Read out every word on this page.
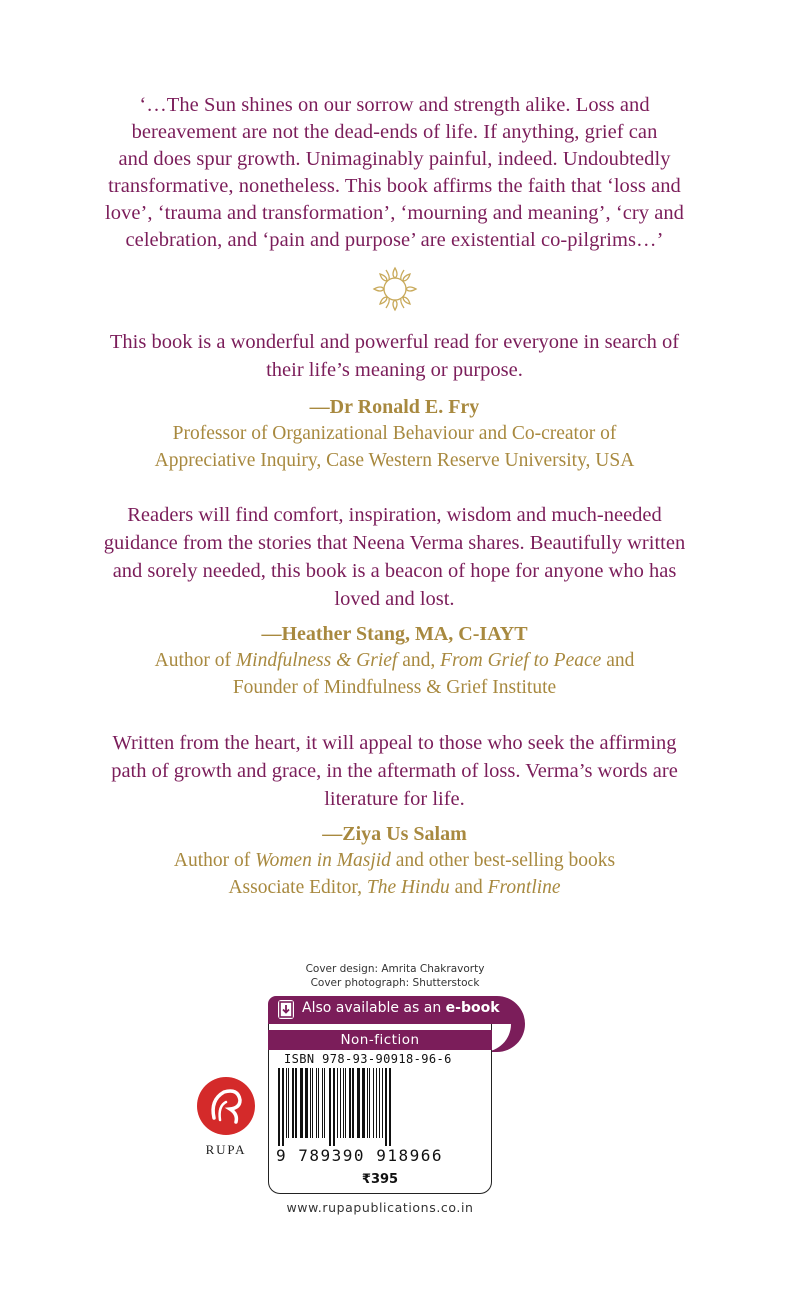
‘…The Sun shines on our sorrow and strength alike. Loss and
bereavement are not the dead-ends of life. If anything, grief can
and does spur growth. Unimaginably painful, indeed. Undoubtedly
transformative, nonetheless. This book affirms the faith that ‘loss and
love’, ‘trauma and transformation’, ‘mourning and meaning’, ‘cry and
celebration, and ‘pain and purpose’ are existential co-pilgrims…’
This book is a wonderful and powerful read for everyone in search of
their life’s meaning or purpose.
—Dr Ronald E. Fry
Professor of Organizational Behaviour and Co-creator of
Appreciative Inquiry, Case Western Reserve University, USA
Readers will find comfort, inspiration, wisdom and much-needed
guidance from the stories that Neena Verma shares. Beautifully written
and sorely needed, this book is a beacon of hope for anyone who has
loved and lost.
—Heather Stang, MA, C-IAYT
Author of Mindfulness & Grief and, From Grief to Peace and
Founder of Mindfulness & Grief Institute
Written from the heart, it will appeal to those who seek the affirming
path of growth and grace, in the aftermath of loss. Verma’s words are
literature for life.
—Ziya Us Salam
Author of Women in Masjid and other best-selling books
Associate Editor, The Hindu and Frontline
Cover design: Amrita Chakravorty
Cover photograph: Shutterstock
Also available as an e-book
Non-fiction
ISBN 978-93-90918-96-6
9 789390 918966
₹395
www.rupapublications.co.in
RUPA
